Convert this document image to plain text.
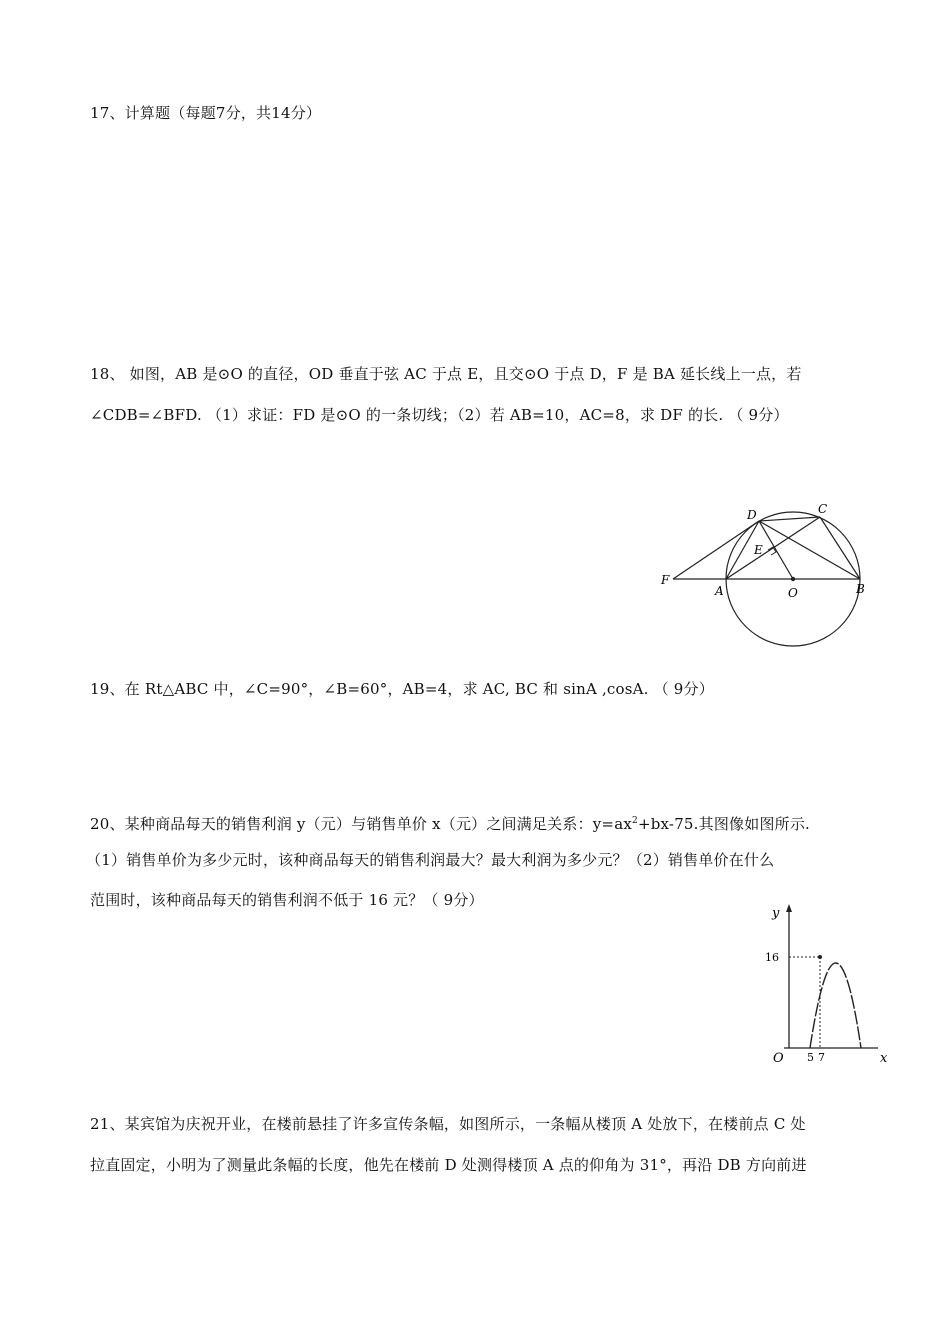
17、计算题（每题7分，共14分）
18、 如图，AB 是⊙O 的直径，OD 垂直于弦 AC 于点 E，且交⊙O 于点 D，F 是 BA 延长线上一点，若
∠CDB=∠BFD. （1）求证：FD 是⊙O 的一条切线；（2）若 AB=10，AC=8，求 DF 的长. （ 9分）
D	C
E
F
A	O	B
19、在 Rt△ABC 中，∠C=90°，∠B=60°，AB=4，求 AC, BC 和 sinA ,cosA. （ 9分）
20、某种商品每天的销售利润 y（元）与销售单价 x（元）之间满足关系：$y=ax^2+bx-75$.其图像如图所示.
（1）销售单价为多少元时，该种商品每天的销售利润最大？最大利润为多少元？（2）销售单价在什么
范围时，该种商品每天的销售利润不低于 16 元？（ 9分）
y
x
O
16
5 7
21、某宾馆为庆祝开业，在楼前悬挂了许多宣传条幅，如图所示，一条幅从楼顶 A 处放下，在楼前点 C 处
拉直固定，小明为了测量此条幅的长度，他先在楼前 D 处测得楼顶 A 点的仰角为 31°，再沿 DB 方向前进
